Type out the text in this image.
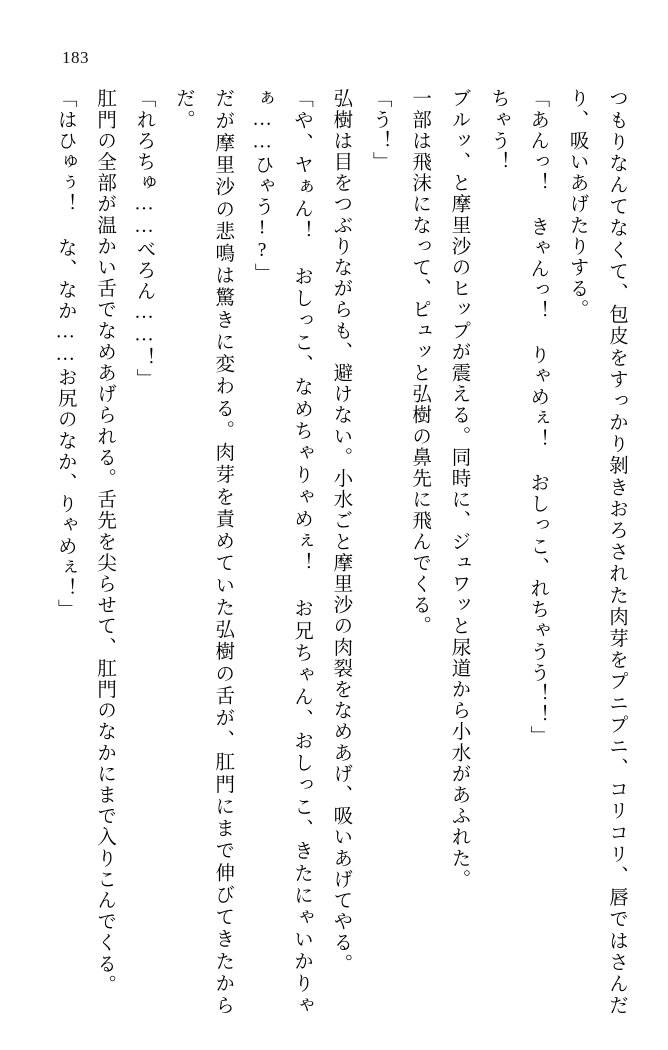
183

つもりなんてなくて、包皮をすっかり剝きおろされた肉芽をプニプニ、コリコリ、唇ではさんだり、吸いあげたりする。

「あんっ！ きゃんっ！ りゃめぇ！ おしっこ、れちゃうう！！」

ちゃう！

ブルッ、と摩里沙のヒップが震える。同時に、ジュワッと尿道から小水があふれた。

一部は飛沫になって、ピュッと弘樹の鼻先に飛んでくる。

「う！」

弘樹は目をつぶりながらも、避けない。小水ごと摩里沙の肉裂をなめあげ、吸いあげてやる。

「や、ヤぁん！ おしっこ、なめちゃりゃめぇ！ お兄ちゃん、おしっこ、きたにゃいかりゃぁ……ひゃう!?」

だが摩里沙の悲鳴は驚きに変わる。肉芽を責めていた弘樹の舌が、肛門にまで伸びてきたからだ。

「れろちゅ……べろん……！」

肛門の全部が温かい舌でなめあげられる。舌先を尖らせて、肛門のなかにまで入りこんでくる。

「はひゅぅ！ な、なか……お尻のなか、りゃめぇ！」
